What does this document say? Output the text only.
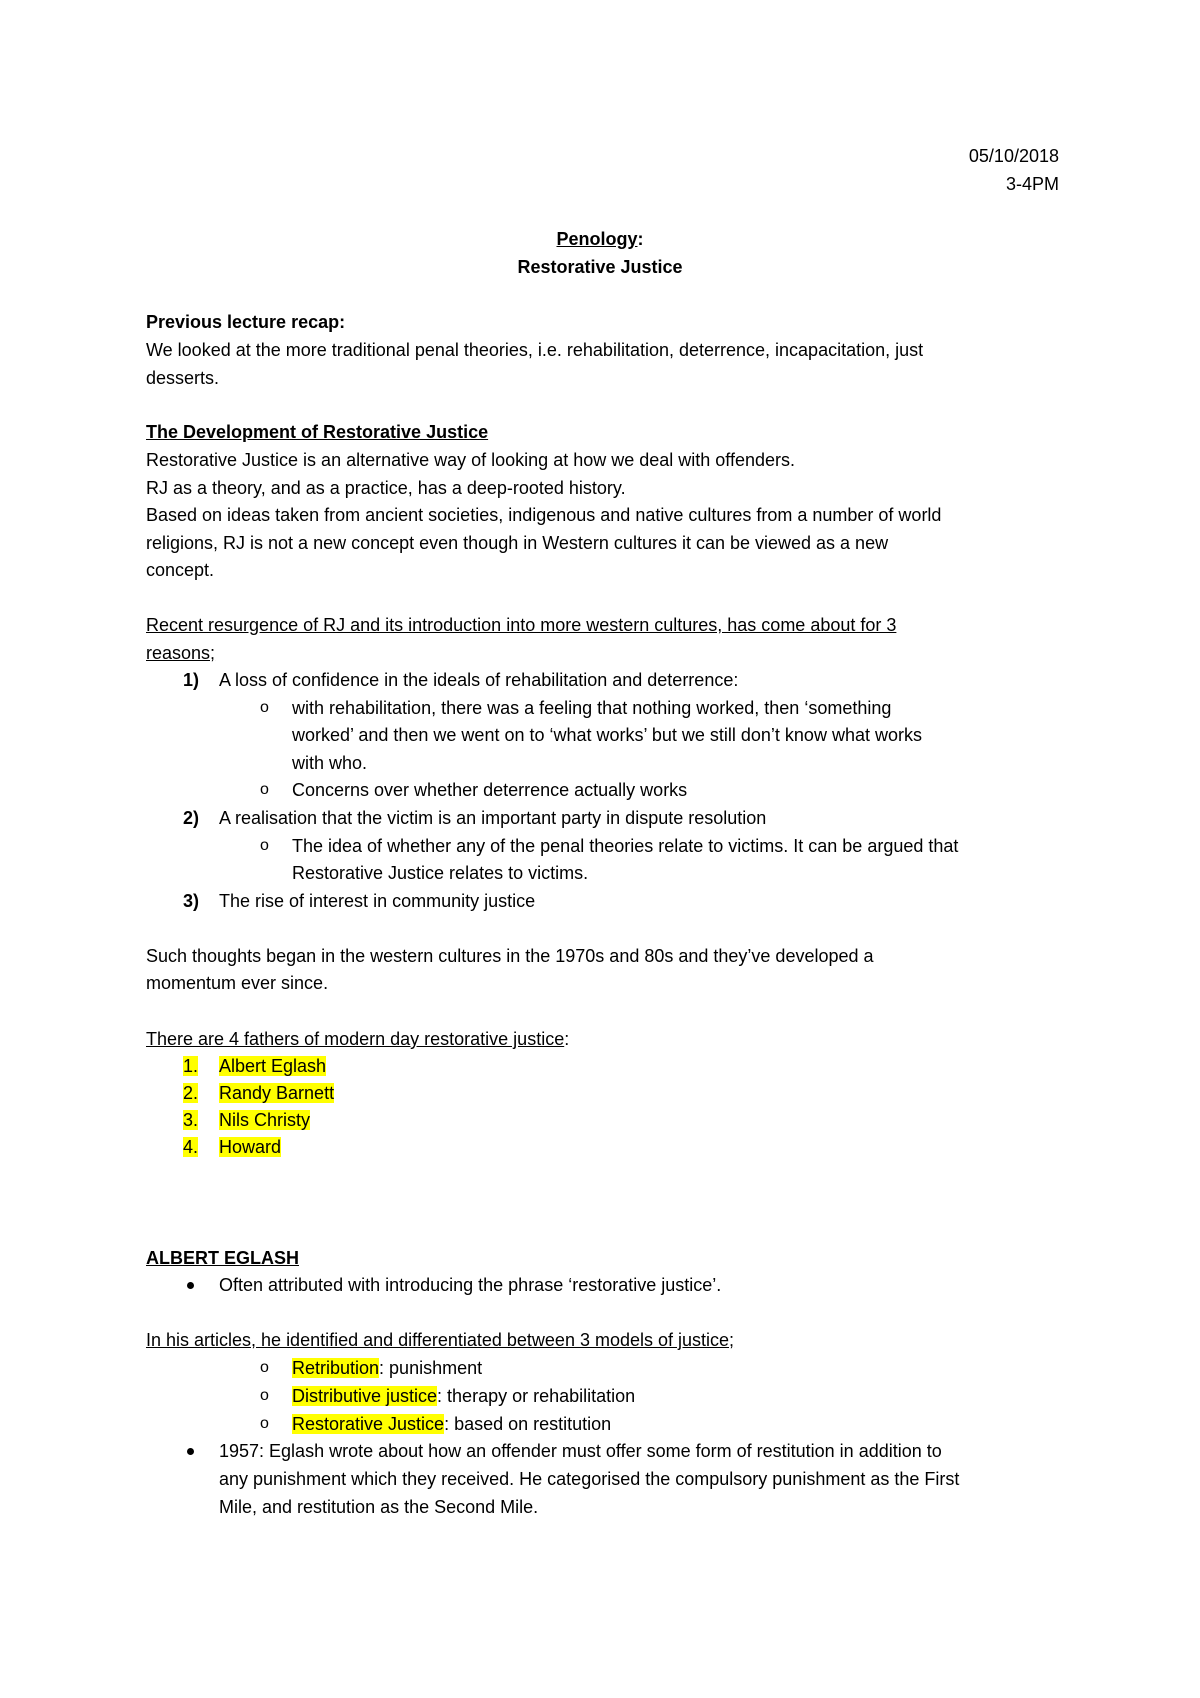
05/10/2018
3-4PM
Penology:
Restorative Justice
Previous lecture recap:
We looked at the more traditional penal theories, i.e. rehabilitation, deterrence, incapacitation, just
desserts.
The Development of Restorative Justice
Restorative Justice is an alternative way of looking at how we deal with offenders.
RJ as a theory, and as a practice, has a deep-rooted history.
Based on ideas taken from ancient societies, indigenous and native cultures from a number of world
religions, RJ is not a new concept even though in Western cultures it can be viewed as a new
concept.
Recent resurgence of RJ and its introduction into more western cultures, has come about for 3
reasons;
1) A loss of confidence in the ideals of rehabilitation and deterrence:
o with rehabilitation, there was a feeling that nothing worked, then ‘something
worked’ and then we went on to ‘what works’ but we still don’t know what works
with who.
o Concerns over whether deterrence actually works
2) A realisation that the victim is an important party in dispute resolution
o The idea of whether any of the penal theories relate to victims. It can be argued that
Restorative Justice relates to victims.
3) The rise of interest in community justice
Such thoughts began in the western cultures in the 1970s and 80s and they’ve developed a
momentum ever since.
There are 4 fathers of modern day restorative justice:
1. Albert Eglash
2. Randy Barnett
3. Nils Christy
4. Howard
ALBERT EGLASH
Often attributed with introducing the phrase ‘restorative justice’.
In his articles, he identified and differentiated between 3 models of justice;
o Retribution: punishment
o Distributive justice: therapy or rehabilitation
o Restorative Justice: based on restitution
1957: Eglash wrote about how an offender must offer some form of restitution in addition to
any punishment which they received. He categorised the compulsory punishment as the First
Mile, and restitution as the Second Mile.
